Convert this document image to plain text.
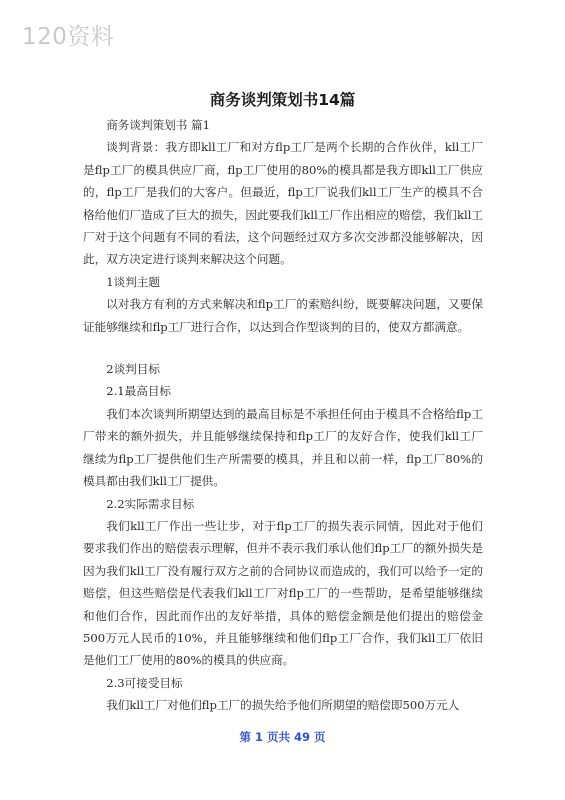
120资料
商务谈判策划书14篇

商务谈判策划书 篇1

谈判背景：我方即kll工厂和对方flp工厂是两个长期的合作伙伴，kll工厂是flp工厂的模具供应厂商，flp工厂使用的80%的模具都是我方即kll工厂供应的，flp工厂是我们的大客户。但最近，flp工厂说我们kll工厂生产的模具不合格给他们厂造成了巨大的损失，因此要我们kll工厂作出相应的赔偿，我们kll工厂对于这个问题有不同的看法，这个问题经过双方多次交涉都没能够解决，因此，双方决定进行谈判来解决这个问题。

1谈判主题

以对我方有利的方式来解决和flp工厂的索赔纠纷，既要解决问题，又要保证能够继续和flp工厂进行合作，以达到合作型谈判的目的，使双方都满意。

2谈判目标

2.1最高目标

我们本次谈判所期望达到的最高目标是不承担任何由于模具不合格给flp工厂带来的额外损失，并且能够继续保持和flp工厂的友好合作，使我们kll工厂继续为flp工厂提供他们生产所需要的模具，并且和以前一样，flp工厂80%的模具都由我们kll工厂提供。

2.2实际需求目标

我们kll工厂作出一些让步，对于flp工厂的损失表示同情，因此对于他们要求我们作出的赔偿表示理解，但并不表示我们承认他们flp工厂的额外损失是因为我们kll工厂没有履行双方之前的合同协议而造成的，我们可以给予一定的赔偿，但这些赔偿是代表我们kll工厂对flp工厂的一些帮助，是希望能够继续和他们合作，因此而作出的友好举措，具体的赔偿金额是他们提出的赔偿金500万元人民币的10%，并且能够继续和他们flp工厂合作，我们kll工厂依旧是他们工厂使用的80%的模具的供应商。

2.3可接受目标

我们kll工厂对他们flp工厂的损失给予他们所期望的赔偿即500万元人

第 1 页共 49 页
